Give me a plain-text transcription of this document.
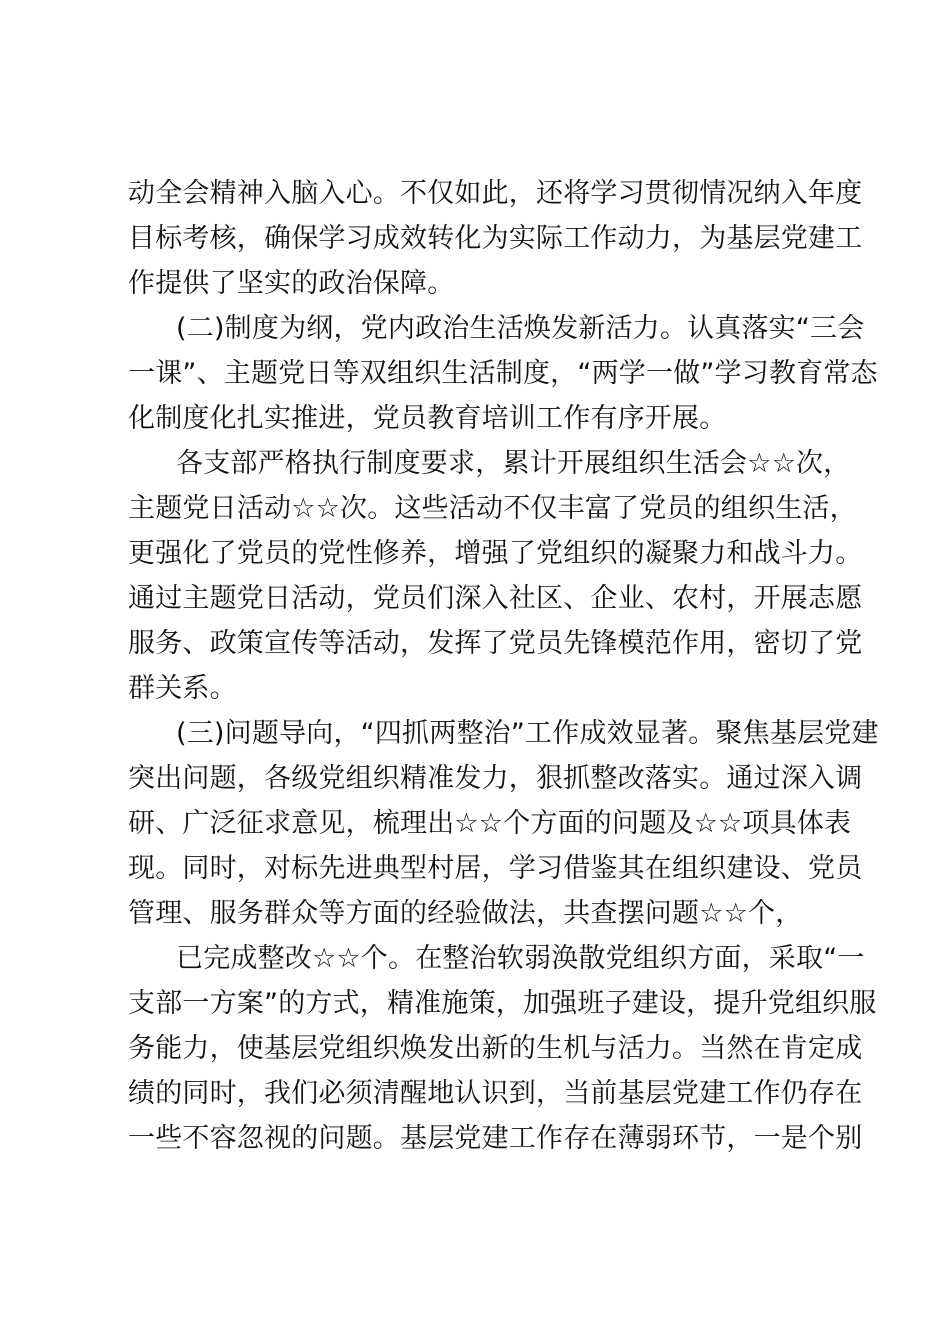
动全会精神入脑入心。不仅如此，还将学习贯彻情况纳入年度
目标考核，确保学习成效转化为实际工作动力，为基层党建工
作提供了坚实的政治保障。
(二)制度为纲，党内政治生活焕发新活力。认真落实“三会
一课”、主题党日等双组织生活制度，“两学一做”学习教育常态
化制度化扎实推进，党员教育培训工作有序开展。
各支部严格执行制度要求，累计开展组织生活会☆☆次，
主题党日活动☆☆次。这些活动不仅丰富了党员的组织生活，
更强化了党员的党性修养，增强了党组织的凝聚力和战斗力。
通过主题党日活动，党员们深入社区、企业、农村，开展志愿
服务、政策宣传等活动，发挥了党员先锋模范作用，密切了党
群关系。
(三)问题导向，“四抓两整治”工作成效显著。聚焦基层党建
突出问题，各级党组织精准发力，狠抓整改落实。通过深入调
研、广泛征求意见，梳理出☆☆个方面的问题及☆☆项具体表
现。同时，对标先进典型村居，学习借鉴其在组织建设、党员
管理、服务群众等方面的经验做法，共查摆问题☆☆个，
已完成整改☆☆个。在整治软弱涣散党组织方面，采取“一
支部一方案”的方式，精准施策，加强班子建设，提升党组织服
务能力，使基层党组织焕发出新的生机与活力。当然在肯定成
绩的同时，我们必须清醒地认识到，当前基层党建工作仍存在
一些不容忽视的问题。基层党建工作存在薄弱环节，一是个别
